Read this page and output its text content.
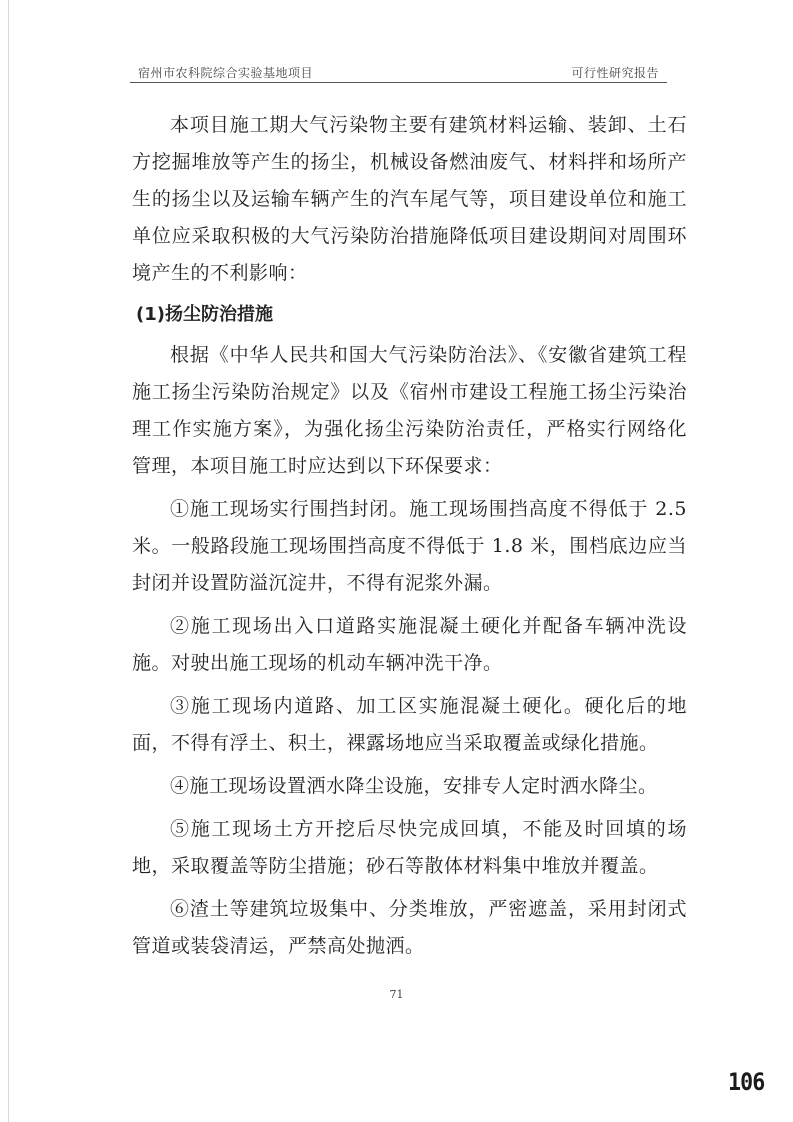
宿州市农科院综合实验基地项目	可行性研究报告

本项目施工期大气污染物主要有建筑材料运输、装卸、土石方挖掘堆放等产生的扬尘，机械设备燃油废气、材料拌和场所产生的扬尘以及运输车辆产生的汽车尾气等，项目建设单位和施工单位应采取积极的大气污染防治措施降低项目建设期间对周围环境产生的不利影响：

(1)扬尘防治措施

根据《中华人民共和国大气污染防治法》、《安徽省建筑工程施工扬尘污染防治规定》以及《宿州市建设工程施工扬尘污染治理工作实施方案》，为强化扬尘污染防治责任，严格实行网络化管理，本项目施工时应达到以下环保要求：

①施工现场实行围挡封闭。施工现场围挡高度不得低于 2.5 米。一般路段施工现场围挡高度不得低于 1.8 米，围档底边应当封闭并设置防溢沉淀井，不得有泥浆外漏。

②施工现场出入口道路实施混凝土硬化并配备车辆冲洗设施。对驶出施工现场的机动车辆冲洗干净。

③施工现场内道路、加工区实施混凝土硬化。硬化后的地面，不得有浮土、积土，裸露场地应当采取覆盖或绿化措施。

④施工现场设置洒水降尘设施，安排专人定时洒水降尘。

⑤施工现场土方开挖后尽快完成回填，不能及时回填的场地，采取覆盖等防尘措施；砂石等散体材料集中堆放并覆盖。

⑥渣土等建筑垃圾集中、分类堆放，严密遮盖，采用封闭式管道或装袋清运，严禁高处抛洒。

71
106
